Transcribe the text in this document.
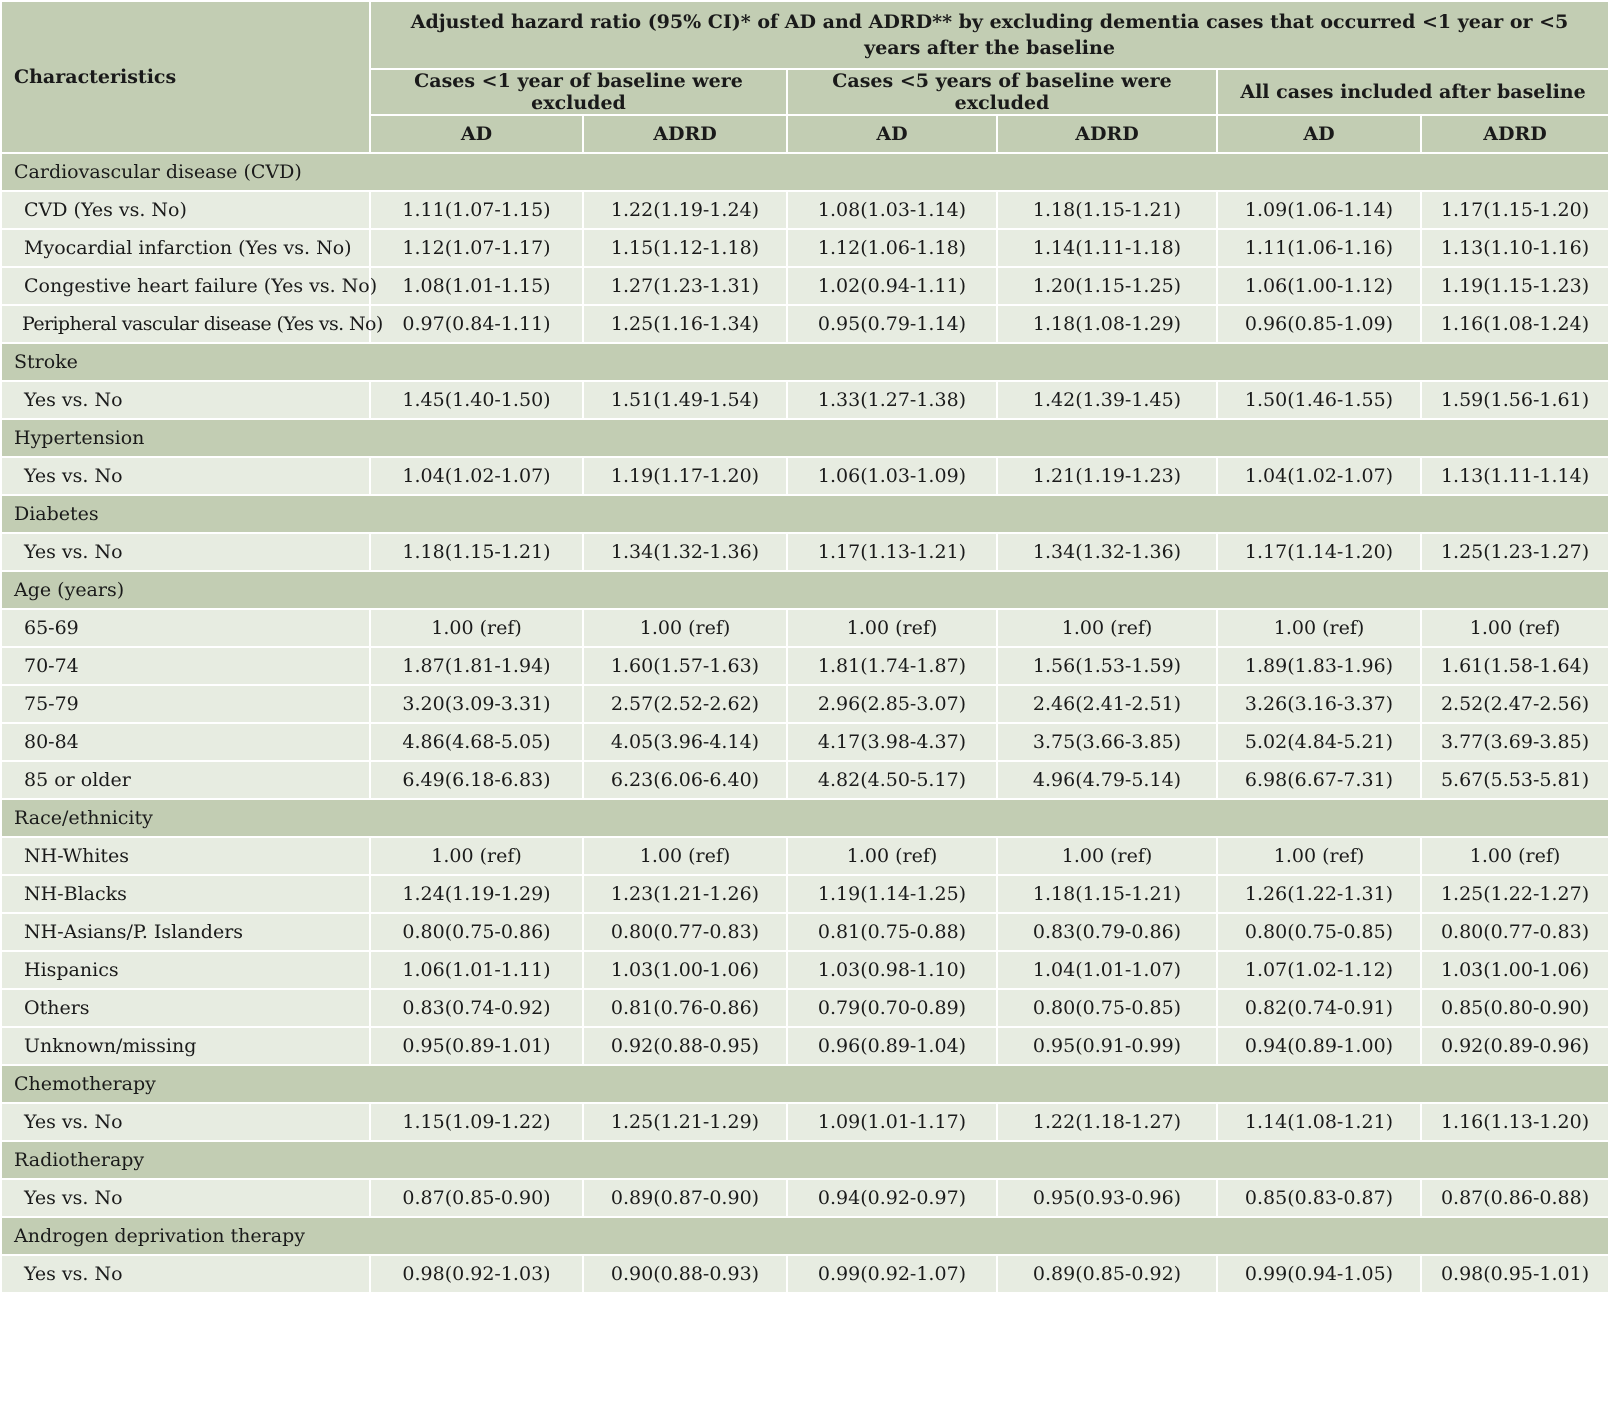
Characteristics	Adjusted hazard ratio (95% CI)* of AD and ADRD** by excluding dementia cases that occurred <1 year or <5 years after the baseline					
	Cases <1 year of baseline were excluded		Cases <5 years of baseline were excluded		All cases included after baseline	
	AD	ADRD	AD	ADRD	AD	ADRD
Cardiovascular disease (CVD)						
CVD (Yes vs. No)	1.11(1.07-1.15)	1.22(1.19-1.24)	1.08(1.03-1.14)	1.18(1.15-1.21)	1.09(1.06-1.14)	1.17(1.15-1.20)
Myocardial infarction (Yes vs. No)	1.12(1.07-1.17)	1.15(1.12-1.18)	1.12(1.06-1.18)	1.14(1.11-1.18)	1.11(1.06-1.16)	1.13(1.10-1.16)
Congestive heart failure (Yes vs. No)	1.08(1.01-1.15)	1.27(1.23-1.31)	1.02(0.94-1.11)	1.20(1.15-1.25)	1.06(1.00-1.12)	1.19(1.15-1.23)
Peripheral vascular disease (Yes vs. No)	0.97(0.84-1.11)	1.25(1.16-1.34)	0.95(0.79-1.14)	1.18(1.08-1.29)	0.96(0.85-1.09)	1.16(1.08-1.24)
Stroke						
Yes vs. No	1.45(1.40-1.50)	1.51(1.49-1.54)	1.33(1.27-1.38)	1.42(1.39-1.45)	1.50(1.46-1.55)	1.59(1.56-1.61)
Hypertension						
Yes vs. No	1.04(1.02-1.07)	1.19(1.17-1.20)	1.06(1.03-1.09)	1.21(1.19-1.23)	1.04(1.02-1.07)	1.13(1.11-1.14)
Diabetes						
Yes vs. No	1.18(1.15-1.21)	1.34(1.32-1.36)	1.17(1.13-1.21)	1.34(1.32-1.36)	1.17(1.14-1.20)	1.25(1.23-1.27)
Age (years)						
65-69	1.00 (ref)	1.00 (ref)	1.00 (ref)	1.00 (ref)	1.00 (ref)	1.00 (ref)
70-74	1.87(1.81-1.94)	1.60(1.57-1.63)	1.81(1.74-1.87)	1.56(1.53-1.59)	1.89(1.83-1.96)	1.61(1.58-1.64)
75-79	3.20(3.09-3.31)	2.57(2.52-2.62)	2.96(2.85-3.07)	2.46(2.41-2.51)	3.26(3.16-3.37)	2.52(2.47-2.56)
80-84	4.86(4.68-5.05)	4.05(3.96-4.14)	4.17(3.98-4.37)	3.75(3.66-3.85)	5.02(4.84-5.21)	3.77(3.69-3.85)
85 or older	6.49(6.18-6.83)	6.23(6.06-6.40)	4.82(4.50-5.17)	4.96(4.79-5.14)	6.98(6.67-7.31)	5.67(5.53-5.81)
Race/ethnicity						
NH-Whites	1.00 (ref)	1.00 (ref)	1.00 (ref)	1.00 (ref)	1.00 (ref)	1.00 (ref)
NH-Blacks	1.24(1.19-1.29)	1.23(1.21-1.26)	1.19(1.14-1.25)	1.18(1.15-1.21)	1.26(1.22-1.31)	1.25(1.22-1.27)
NH-Asians/P. Islanders	0.80(0.75-0.86)	0.80(0.77-0.83)	0.81(0.75-0.88)	0.83(0.79-0.86)	0.80(0.75-0.85)	0.80(0.77-0.83)
Hispanics	1.06(1.01-1.11)	1.03(1.00-1.06)	1.03(0.98-1.10)	1.04(1.01-1.07)	1.07(1.02-1.12)	1.03(1.00-1.06)
Others	0.83(0.74-0.92)	0.81(0.76-0.86)	0.79(0.70-0.89)	0.80(0.75-0.85)	0.82(0.74-0.91)	0.85(0.80-0.90)
Unknown/missing	0.95(0.89-1.01)	0.92(0.88-0.95)	0.96(0.89-1.04)	0.95(0.91-0.99)	0.94(0.89-1.00)	0.92(0.89-0.96)
Chemotherapy						
Yes vs. No	1.15(1.09-1.22)	1.25(1.21-1.29)	1.09(1.01-1.17)	1.22(1.18-1.27)	1.14(1.08-1.21)	1.16(1.13-1.20)
Radiotherapy						
Yes vs. No	0.87(0.85-0.90)	0.89(0.87-0.90)	0.94(0.92-0.97)	0.95(0.93-0.96)	0.85(0.83-0.87)	0.87(0.86-0.88)
Androgen deprivation therapy						
Yes vs. No	0.98(0.92-1.03)	0.90(0.88-0.93)	0.99(0.92-1.07)	0.89(0.85-0.92)	0.99(0.94-1.05)	0.98(0.95-1.01)
